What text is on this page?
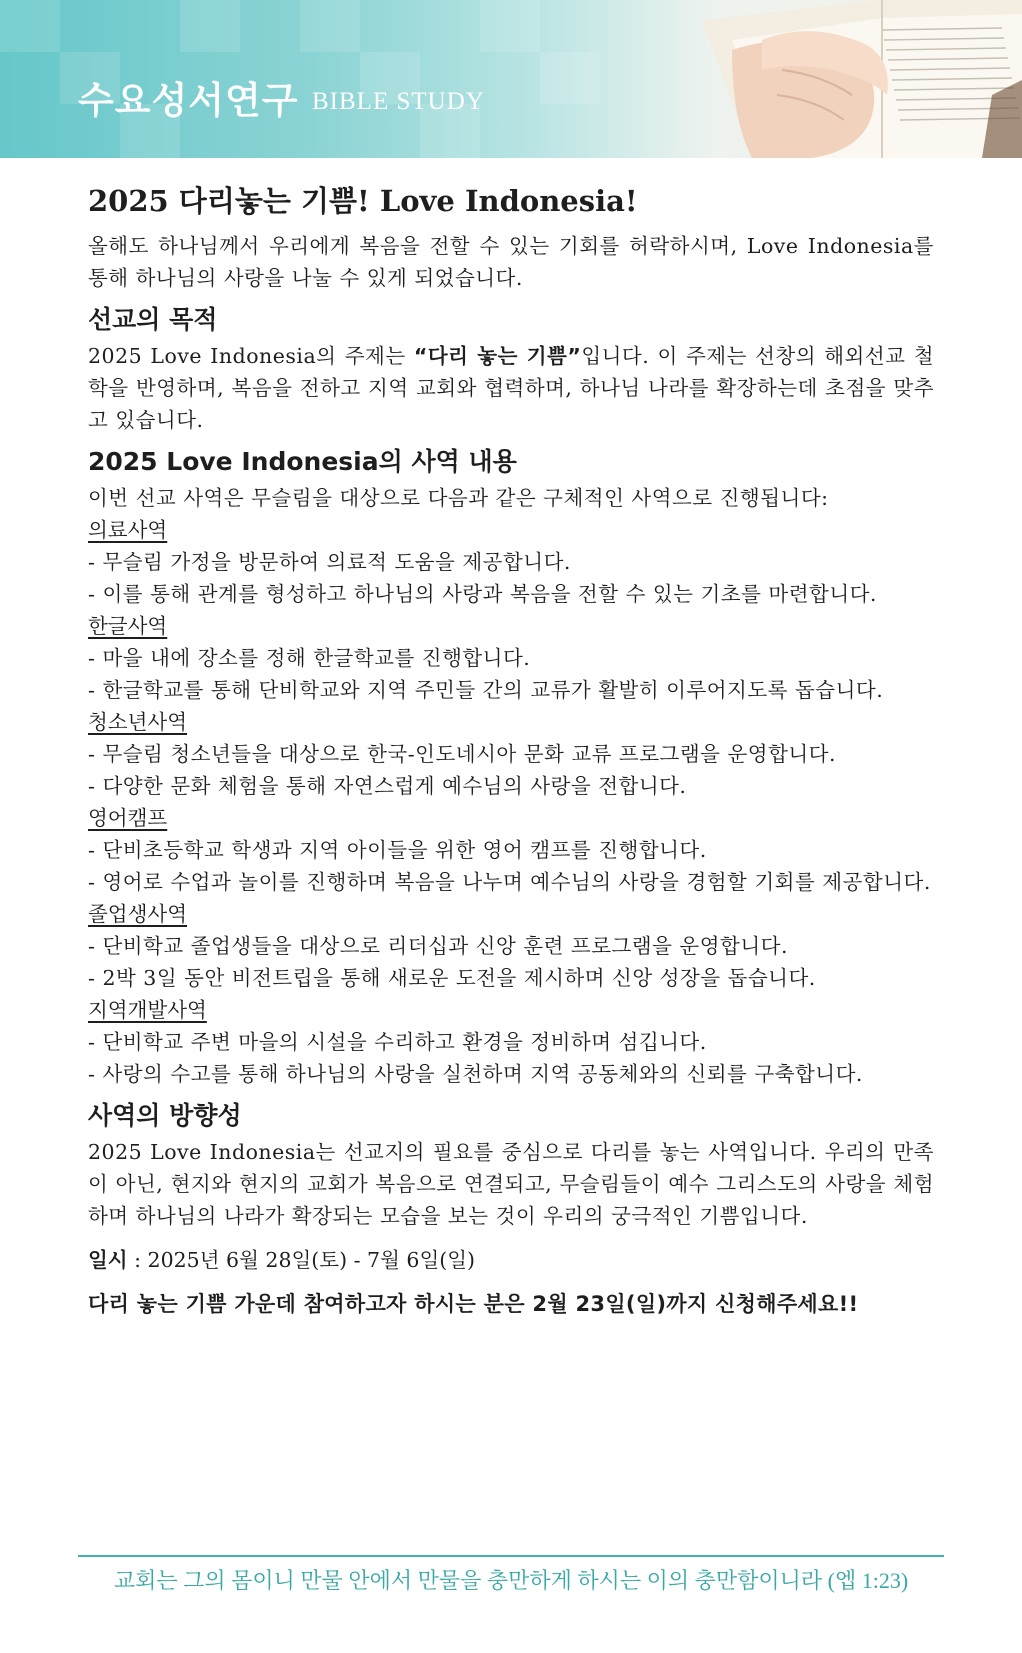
수요성서연구 BIBLE STUDY
2025 다리놓는 기쁨! Love Indonesia!

올해도 하나님께서 우리에게 복음을 전할 수 있는 기회를 허락하시며, Love Indonesia를 통해 하나님의 사랑을 나눌 수 있게 되었습니다.

선교의 목적

2025 Love Indonesia의 주제는 “다리 놓는 기쁨”입니다. 이 주제는 선창의 해외선교 철학을 반영하며, 복음을 전하고 지역 교회와 협력하며, 하나님 나라를 확장하는데 초점을 맞추고 있습니다.

2025 Love Indonesia의 사역 내용

이번 선교 사역은 무슬림을 대상으로 다음과 같은 구체적인 사역으로 진행됩니다:

의료사역
- 무슬림 가정을 방문하여 의료적 도움을 제공합니다.
- 이를 통해 관계를 형성하고 하나님의 사랑과 복음을 전할 수 있는 기초를 마련합니다.
한글사역
- 마을 내에 장소를 정해 한글학교를 진행합니다.
- 한글학교를 통해 단비학교와 지역 주민들 간의 교류가 활발히 이루어지도록 돕습니다.
청소년사역
- 무슬림 청소년들을 대상으로 한국-인도네시아 문화 교류 프로그램을 운영합니다.
- 다양한 문화 체험을 통해 자연스럽게 예수님의 사랑을 전합니다.
영어캠프
- 단비초등학교 학생과 지역 아이들을 위한 영어 캠프를 진행합니다.
- 영어로 수업과 놀이를 진행하며 복음을 나누며 예수님의 사랑을 경험할 기회를 제공합니다.
졸업생사역
- 단비학교 졸업생들을 대상으로 리더십과 신앙 훈련 프로그램을 운영합니다.
- 2박 3일 동안 비전트립을 통해 새로운 도전을 제시하며 신앙 성장을 돕습니다.
지역개발사역
- 단비학교 주변 마을의 시설을 수리하고 환경을 정비하며 섬깁니다.
- 사랑의 수고를 통해 하나님의 사랑을 실천하며 지역 공동체와의 신뢰를 구축합니다.
사역의 방향성

2025 Love Indonesia는 선교지의 필요를 중심으로 다리를 놓는 사역입니다. 우리의 만족이 아닌, 현지와 현지의 교회가 복음으로 연결되고, 무슬림들이 예수 그리스도의 사랑을 체험하며 하나님의 나라가 확장되는 모습을 보는 것이 우리의 궁극적인 기쁨입니다.

일시 : 2025년 6월 28일(토) - 7월 6일(일)

다리 놓는 기쁨 가운데 참여하고자 하시는 분은 2월 23일(일)까지 신청해주세요!!

교회는 그의 몸이니 만물 안에서 만물을 충만하게 하시는 이의 충만함이니라 (엡 1:23)
